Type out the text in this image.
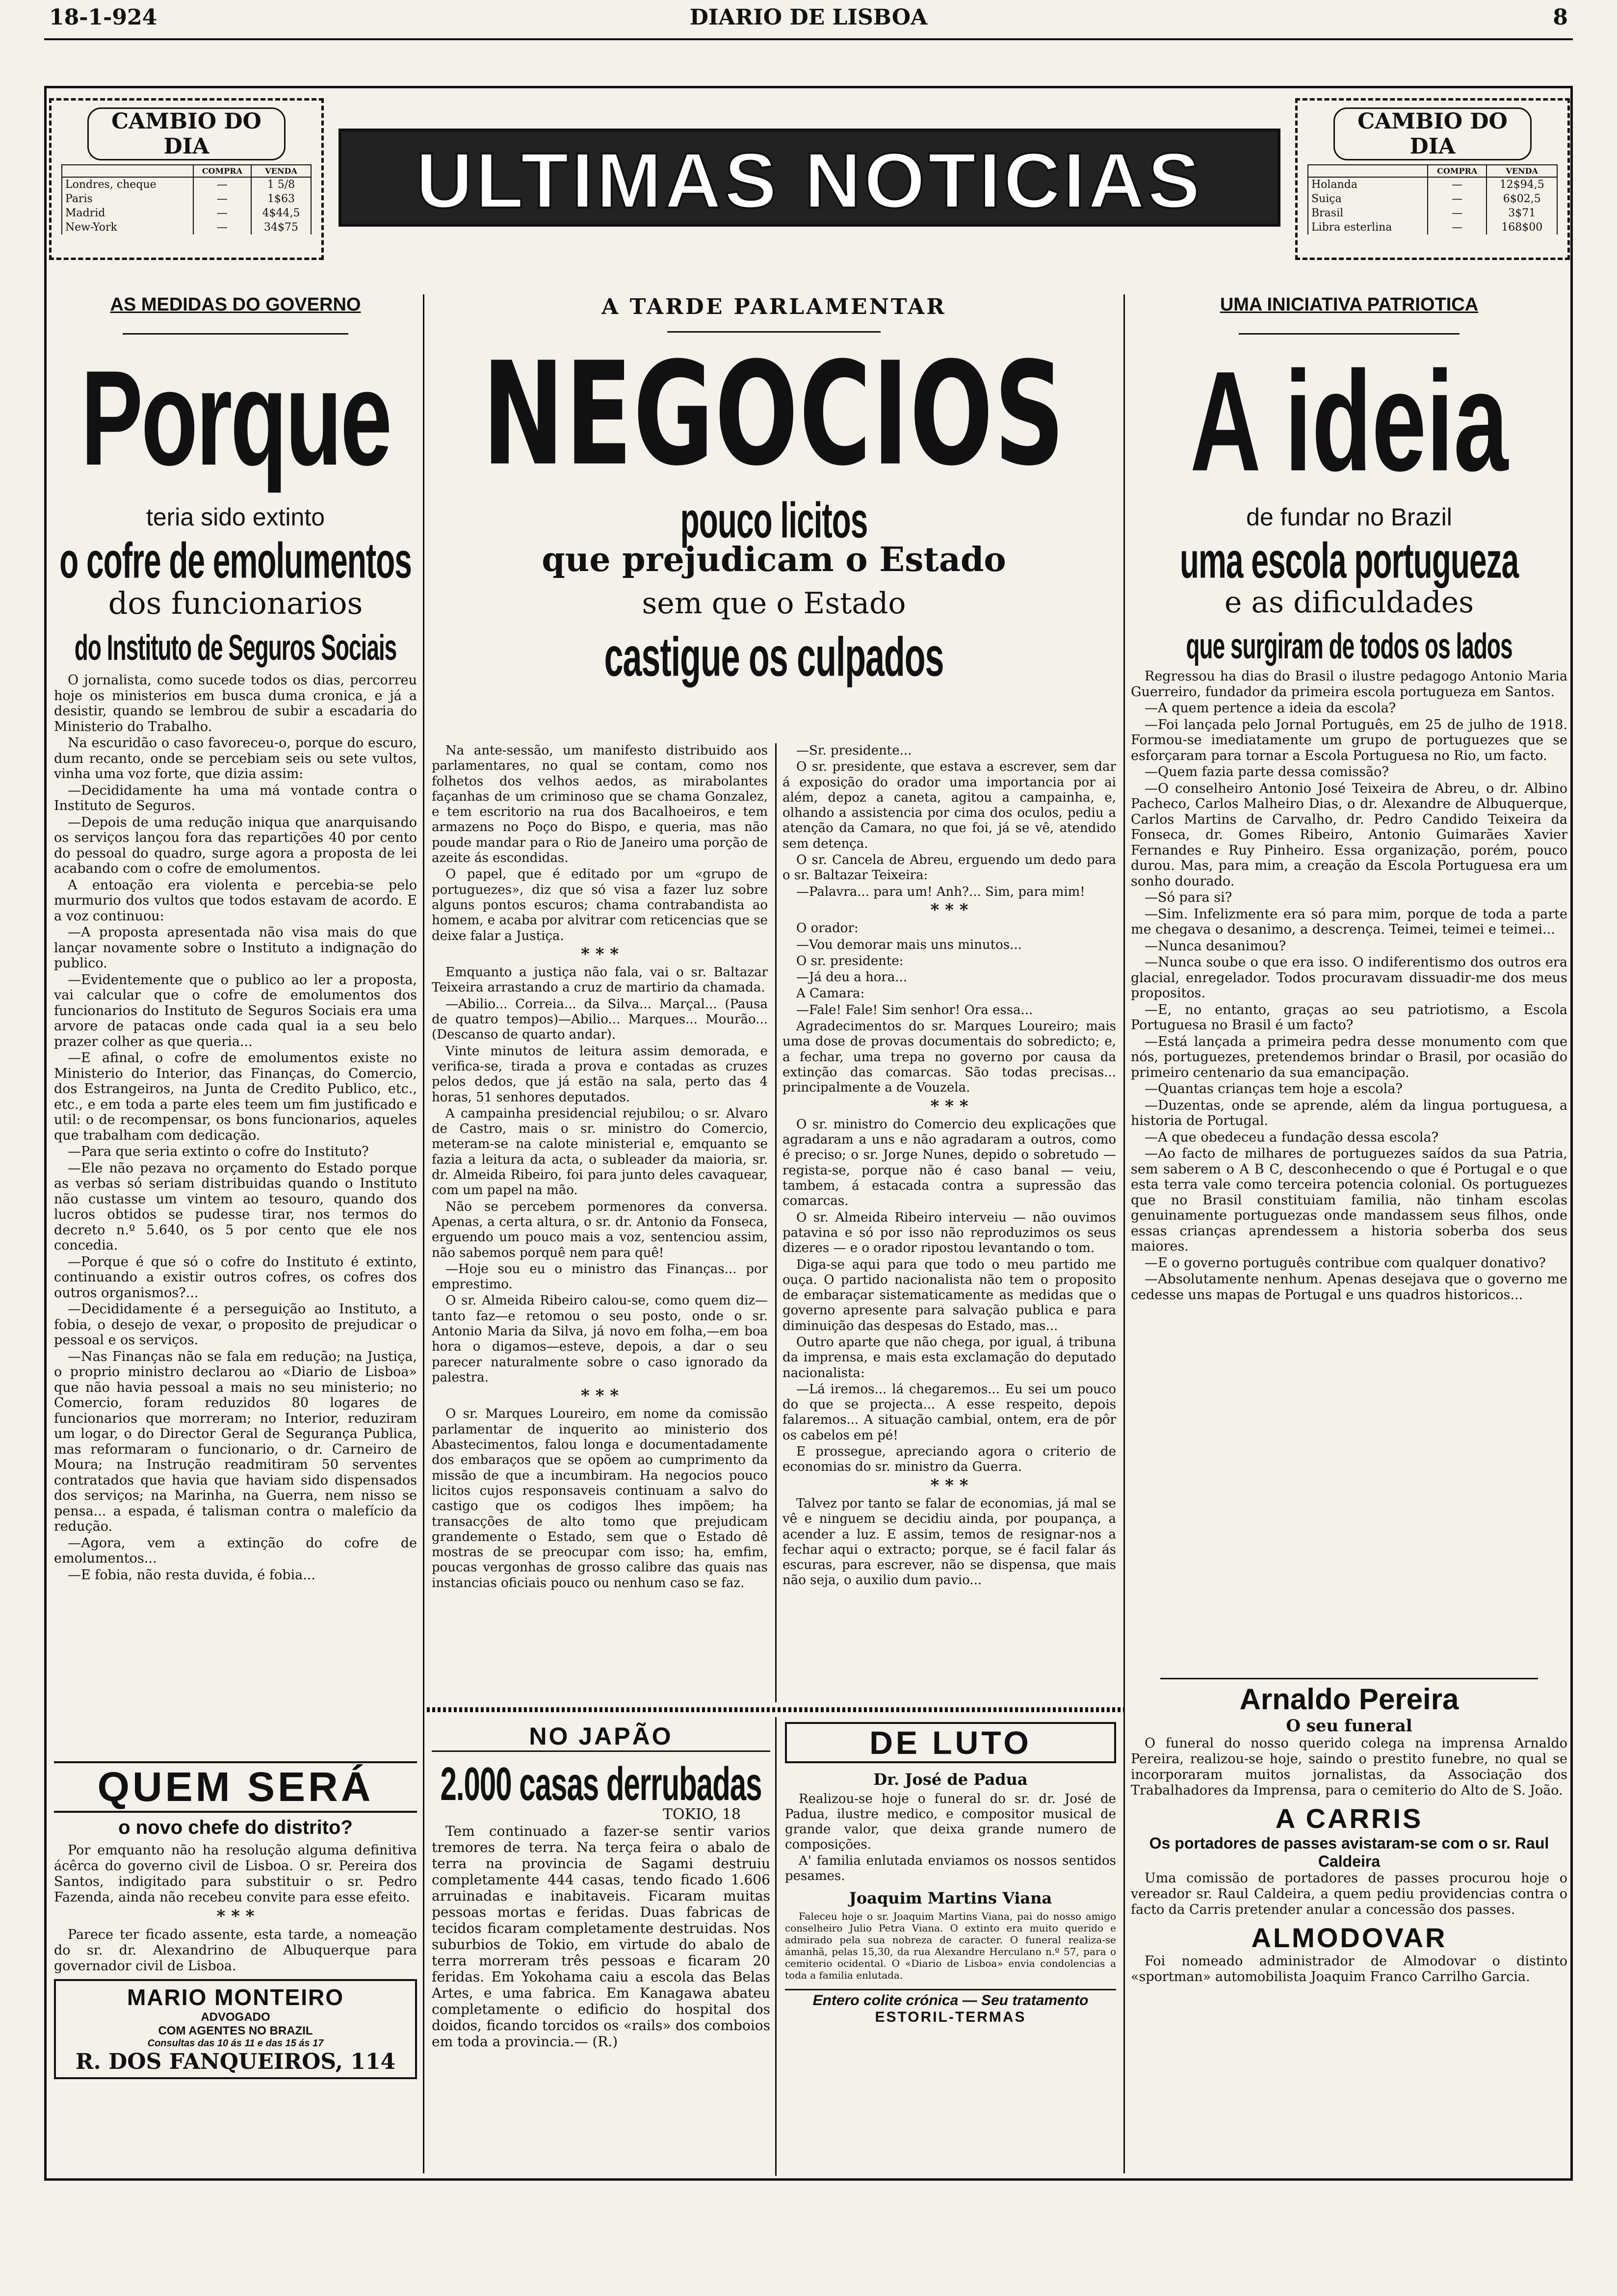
18-1-924	DIARIO DE LISBOA	8
CAMBIO DO DIA
	COMPRA	VENDA
Londres, cheque	—	1 5/8
Paris	—	1$63
Madrid	—	4$44,5
New-York	—	34$75
ULTIMAS NOTICIAS
CAMBIO DO DIA
	COMPRA	VENDA
Holanda	—	12$94,5
Suiça	—	6$02,5
Brasil	—	3$71
Libra esterlina	—	168$00
AS MEDIDAS DO GOVERNO
Porque
teria sido extinto
o cofre de emolumentos
dos funcionarios
do Instituto de Seguros Sociais

O jornalista, como sucede todos os dias, percorreu hoje os ministerios em busca duma cronica, e já a desistir, quando se lembrou de subir a escadaria do Ministerio do Trabalho.

Na escuridão o caso favoreceu-o, porque do escuro, dum recanto, onde se percebiam seis ou sete vultos, vinha uma voz forte, que dizia assim:

—Decididamente ha uma má vontade contra o Instituto de Seguros.

—Depois de uma redução iniqua que anarquisando os serviços lançou fora das repartições 40 por cento do pessoal do quadro, surge agora a proposta de lei acabando com o cofre de emolumentos.

A entoação era violenta e percebia-se pelo murmurio dos vultos que todos estavam de acordo. E a voz continuou:

—A proposta apresentada não visa mais do que lançar novamente sobre o Instituto a indignação do publico.

—Evidentemente que o publico ao ler a proposta, vai calcular que o cofre de emolumentos dos funcionarios do Instituto de Seguros Sociais era uma arvore de patacas onde cada qual ia a seu belo prazer colher as que queria...

—E afinal, o cofre de emolumentos existe no Ministerio do Interior, das Finanças, do Comercio, dos Estrangeiros, na Junta de Credito Publico, etc., etc., e em toda a parte eles teem um fim justificado e util: o de recompensar, os bons funcionarios, aqueles que trabalham com dedicação.

—Para que seria extinto o cofre do Instituto?

—Ele não pezava no orçamento do Estado porque as verbas só seriam distribuidas quando o Instituto não custasse um vintem ao tesouro, quando dos lucros obtidos se pudesse tirar, nos termos do decreto n.º 5.640, os 5 por cento que ele nos concedia.

—Porque é que só o cofre do Instituto é extinto, continuando a existir outros cofres, os cofres dos outros organismos?...

—Decididamente é a perseguição ao Instituto, a fobia, o desejo de vexar, o proposito de prejudicar o pessoal e os serviços.

—Nas Finanças não se fala em redução; na Justiça, o proprio ministro declarou ao «Diario de Lisboa» que não havia pessoal a mais no seu ministerio; no Comercio, foram reduzidos 80 logares de funcionarios que morreram; no Interior, reduziram um logar, o do Director Geral de Segurança Publica, mas reformaram o funcionario, o dr. Carneiro de Moura; na Instrução readmitiram 50 serventes contratados que havia que haviam sido dispensados dos serviços; na Marinha, na Guerra, nem nisso se pensa... a espada, é talisman contra o malefício da redução.

—Agora, vem a extinção do cofre de emolumentos...

—E fobia, não resta duvida, é fobia...

QUEM SERÁ
o novo chefe do distrito?

Por emquanto não ha resolução alguma definitiva ácêrca do governo civil de Lisboa. O sr. Pereira dos Santos, indigitado para substituir o sr. Pedro Fazenda, ainda não recebeu convite para esse efeito.

* * *

Parece ter ficado assente, esta tarde, a nomeação do sr. dr. Alexandrino de Albuquerque para governador civil de Lisboa.

MARIO MONTEIRO
ADVOGADO
COM AGENTES NO BRAZIL
Consultas das 10 ás 11 e das 15 ás 17
R. DOS FANQUEIROS, 114
A TARDE PARLAMENTAR
NEGOCIOS
pouco licitos
que prejudicam o Estado
sem que o Estado
castigue os culpados

Na ante-sessão, um manifesto distribuido aos parlamentares, no qual se contam, como nos folhetos dos velhos aedos, as mirabolantes façanhas de um criminoso que se chama Gonzalez, e tem escritorio na rua dos Bacalhoeiros, e tem armazens no Poço do Bispo, e queria, mas não poude mandar para o Rio de Janeiro uma porção de azeite ás escondidas.

O papel, que é editado por um «grupo de portuguezes», diz que só visa a fazer luz sobre alguns pontos escuros; chama contrabandista ao homem, e acaba por alvitrar com reticencias que se deixe falar a Justiça.

* * *

Emquanto a justiça não fala, vai o sr. Baltazar Teixeira arrastando a cruz de martirio da chamada.

—Abilio... Correia... da Silva... Marçal... (Pausa de quatro tempos)—Abilio... Marques... Mourão... (Descanso de quarto andar).

Vinte minutos de leitura assim demorada, e verifica-se, tirada a prova e contadas as cruzes pelos dedos, que já estão na sala, perto das 4 horas, 51 senhores deputados.

A campainha presidencial rejubilou; o sr. Alvaro de Castro, mais o sr. ministro do Comercio, meteram-se na calote ministerial e, emquanto se fazia a leitura da acta, o subleader da maioria, sr. dr. Almeida Ribeiro, foi para junto deles cavaquear, com um papel na mão.

Não se percebem pormenores da conversa. Apenas, a certa altura, o sr. dr. Antonio da Fonseca, erguendo um pouco mais a voz, sentenciou assim, não sabemos porquê nem para quê!

—Hoje sou eu o ministro das Finanças... por emprestimo.

O sr. Almeida Ribeiro calou-se, como quem diz—tanto faz—e retomou o seu posto, onde o sr. Antonio Maria da Silva, já novo em folha,—em boa hora o digamos—esteve, depois, a dar o seu parecer naturalmente sobre o caso ignorado da palestra.

* * *

O sr. Marques Loureiro, em nome da comissão parlamentar de inquerito ao ministerio dos Abastecimentos, falou longa e documentadamente dos embaraços que se opõem ao cumprimento da missão de que a incumbiram. Ha negocios pouco licitos cujos responsaveis continuam a salvo do castigo que os codigos lhes impõem; ha transacções de alto tomo que prejudicam grandemente o Estado, sem que o Estado dê mostras de se preocupar com isso; ha, emfim, poucas vergonhas de grosso calibre das quais nas instancias oficiais pouco ou nenhum caso se faz.

—Sr. presidente...

O sr. presidente, que estava a escrever, sem dar á exposição do orador uma importancia por ai além, depoz a caneta, agitou a campainha, e, olhando a assistencia por cima dos oculos, pediu a atenção da Camara, no que foi, já se vê, atendido sem detença.

O sr. Cancela de Abreu, erguendo um dedo para o sr. Baltazar Teixeira:

—Palavra... para um! Anh?... Sim, para mim!

* * *

O orador:

—Vou demorar mais uns minutos...

O sr. presidente:

—Já deu a hora...

A Camara:

—Fale! Fale! Sim senhor! Ora essa...

Agradecimentos do sr. Marques Loureiro; mais uma dose de provas documentais do sobredicto; e, a fechar, uma trepa no governo por causa da extinção das comarcas. São todas precisas... principalmente a de Vouzela.

* * *

O sr. ministro do Comercio deu explicações que agradaram a uns e não agradaram a outros, como é preciso; o sr. Jorge Nunes, depido o sobretudo — regista-se, porque não é caso banal — veiu, tambem, á estacada contra a supressão das comarcas.

O sr. Almeida Ribeiro interveiu — não ouvimos patavina e só por isso não reproduzimos os seus dizeres — e o orador ripostou levantando o tom.

Diga-se aqui para que todo o meu partido me ouça. O partido nacionalista não tem o proposito de embaraçar sistematicamente as medidas que o governo apresente para salvação publica e para diminuição das despesas do Estado, mas...

Outro aparte que não chega, por igual, á tribuna da imprensa, e mais esta exclamação do deputado nacionalista:

—Lá iremos... lá chegaremos... Eu sei um pouco do que se projecta... A esse respeito, depois falaremos... A situação cambial, ontem, era de pôr os cabelos em pé!

E prossegue, apreciando agora o criterio de economias do sr. ministro da Guerra.

* * *

Talvez por tanto se falar de economias, já mal se vê e ninguem se decidiu ainda, por poupança, a acender a luz. E assim, temos de resignar-nos a fechar aqui o extracto; porque, se é facil falar ás escuras, para escrever, não se dispensa, que mais não seja, o auxilio dum pavio...

NO JAPÃO
2.000 casas derrubadas
TOKIO, 18

Tem continuado a fazer-se sentir varios tremores de terra. Na terça feira o abalo de terra na provincia de Sagami destruiu completamente 444 casas, tendo ficado 1.606 arruinadas e inabitaveis. Ficaram muitas pessoas mortas e feridas. Duas fabricas de tecidos ficaram completamente destruidas. Nos suburbios de Tokio, em virtude do abalo de terra morreram três pessoas e ficaram 20 feridas. Em Yokohama caiu a escola das Belas Artes, e uma fabrica. Em Kanagawa abateu completamente o edificio do hospital dos doidos, ficando torcidos os «rails» dos comboios em toda a provincia.— (R.)

DE LUTO
Dr. José de Padua

Realizou-se hoje o funeral do sr. dr. José de Padua, ilustre medico, e compositor musical de grande valor, que deixa grande numero de composições.

A' familia enlutada enviamos os nossos sentidos pesames.

Joaquim Martins Viana

Faleceu hoje o sr. Joaquim Martins Viana, pai do nosso amigo conselheiro Julio Petra Viana. O extinto era muito querido e admirado pela sua nobreza de caracter. O funeral realiza-se ámanhã, pelas 15,30, da rua Alexandre Herculano n.º 57, para o cemiterio ocidental. O «Diario de Lisboa» envia condolencias a toda a familia enlutada.

Entero colite crónica — Seu tratamento
ESTORIL-TERMAS
UMA INICIATIVA PATRIOTICA
A ideia
de fundar no Brazil
uma escola portugueza
e as dificuldades
que surgiram de todos os lados

Regressou ha dias do Brasil o ilustre pedagogo Antonio Maria Guerreiro, fundador da primeira escola portugueza em Santos.

—A quem pertence a ideia da escola?

—Foi lançada pelo Jornal Português, em 25 de julho de 1918. Formou-se imediatamente um grupo de portuguezes que se esforçaram para tornar a Escola Portuguesa no Rio, um facto.

—Quem fazia parte dessa comissão?

—O conselheiro Antonio José Teixeira de Abreu, o dr. Albino Pacheco, Carlos Malheiro Dias, o dr. Alexandre de Albuquerque, Carlos Martins de Carvalho, dr. Pedro Candido Teixeira da Fonseca, dr. Gomes Ribeiro, Antonio Guimarães Xavier Fernandes e Ruy Pinheiro. Essa organização, porém, pouco durou. Mas, para mim, a creação da Escola Portuguesa era um sonho dourado.

—Só para si?

—Sim. Infelizmente era só para mim, porque de toda a parte me chegava o desanimo, a descrença. Teimei, teimei e teimei...

—Nunca desanimou?

—Nunca soube o que era isso. O indiferentismo dos outros era glacial, enregelador. Todos procuravam dissuadir-me dos meus propositos.

—E, no entanto, graças ao seu patriotismo, a Escola Portuguesa no Brasil é um facto?

—Está lançada a primeira pedra desse monumento com que nós, portuguezes, pretendemos brindar o Brasil, por ocasião do primeiro centenario da sua emancipação.

—Quantas crianças tem hoje a escola?

—Duzentas, onde se aprende, além da lingua portuguesa, a historia de Portugal.

—A que obedeceu a fundação dessa escola?

—Ao facto de milhares de portuguezes saídos da sua Patria, sem saberem o A B C, desconhecendo o que é Portugal e o que esta terra vale como terceira potencia colonial. Os portuguezes que no Brasil constituiam familia, não tinham escolas genuinamente portuguezas onde mandassem seus filhos, onde essas crianças aprendessem a historia soberba dos seus maiores.

—E o governo português contribue com qualquer donativo?

—Absolutamente nenhum. Apenas desejava que o governo me cedesse uns mapas de Portugal e uns quadros historicos...

Arnaldo Pereira
O seu funeral

O funeral do nosso querido colega na imprensa Arnaldo Pereira, realizou-se hoje, saindo o prestito funebre, no qual se incorporaram muitos jornalistas, da Associação dos Trabalhadores da Imprensa, para o cemiterio do Alto de S. João.

A CARRIS
Os portadores de passes avistaram-se com o sr. Raul Caldeira

Uma comissão de portadores de passes procurou hoje o vereador sr. Raul Caldeira, a quem pediu providencias contra o facto da Carris pretender anular a concessão dos passes.

ALMODOVAR

Foi nomeado administrador de Almodovar o distinto «sportman» automobilista Joaquim Franco Carrilho Garcia.
